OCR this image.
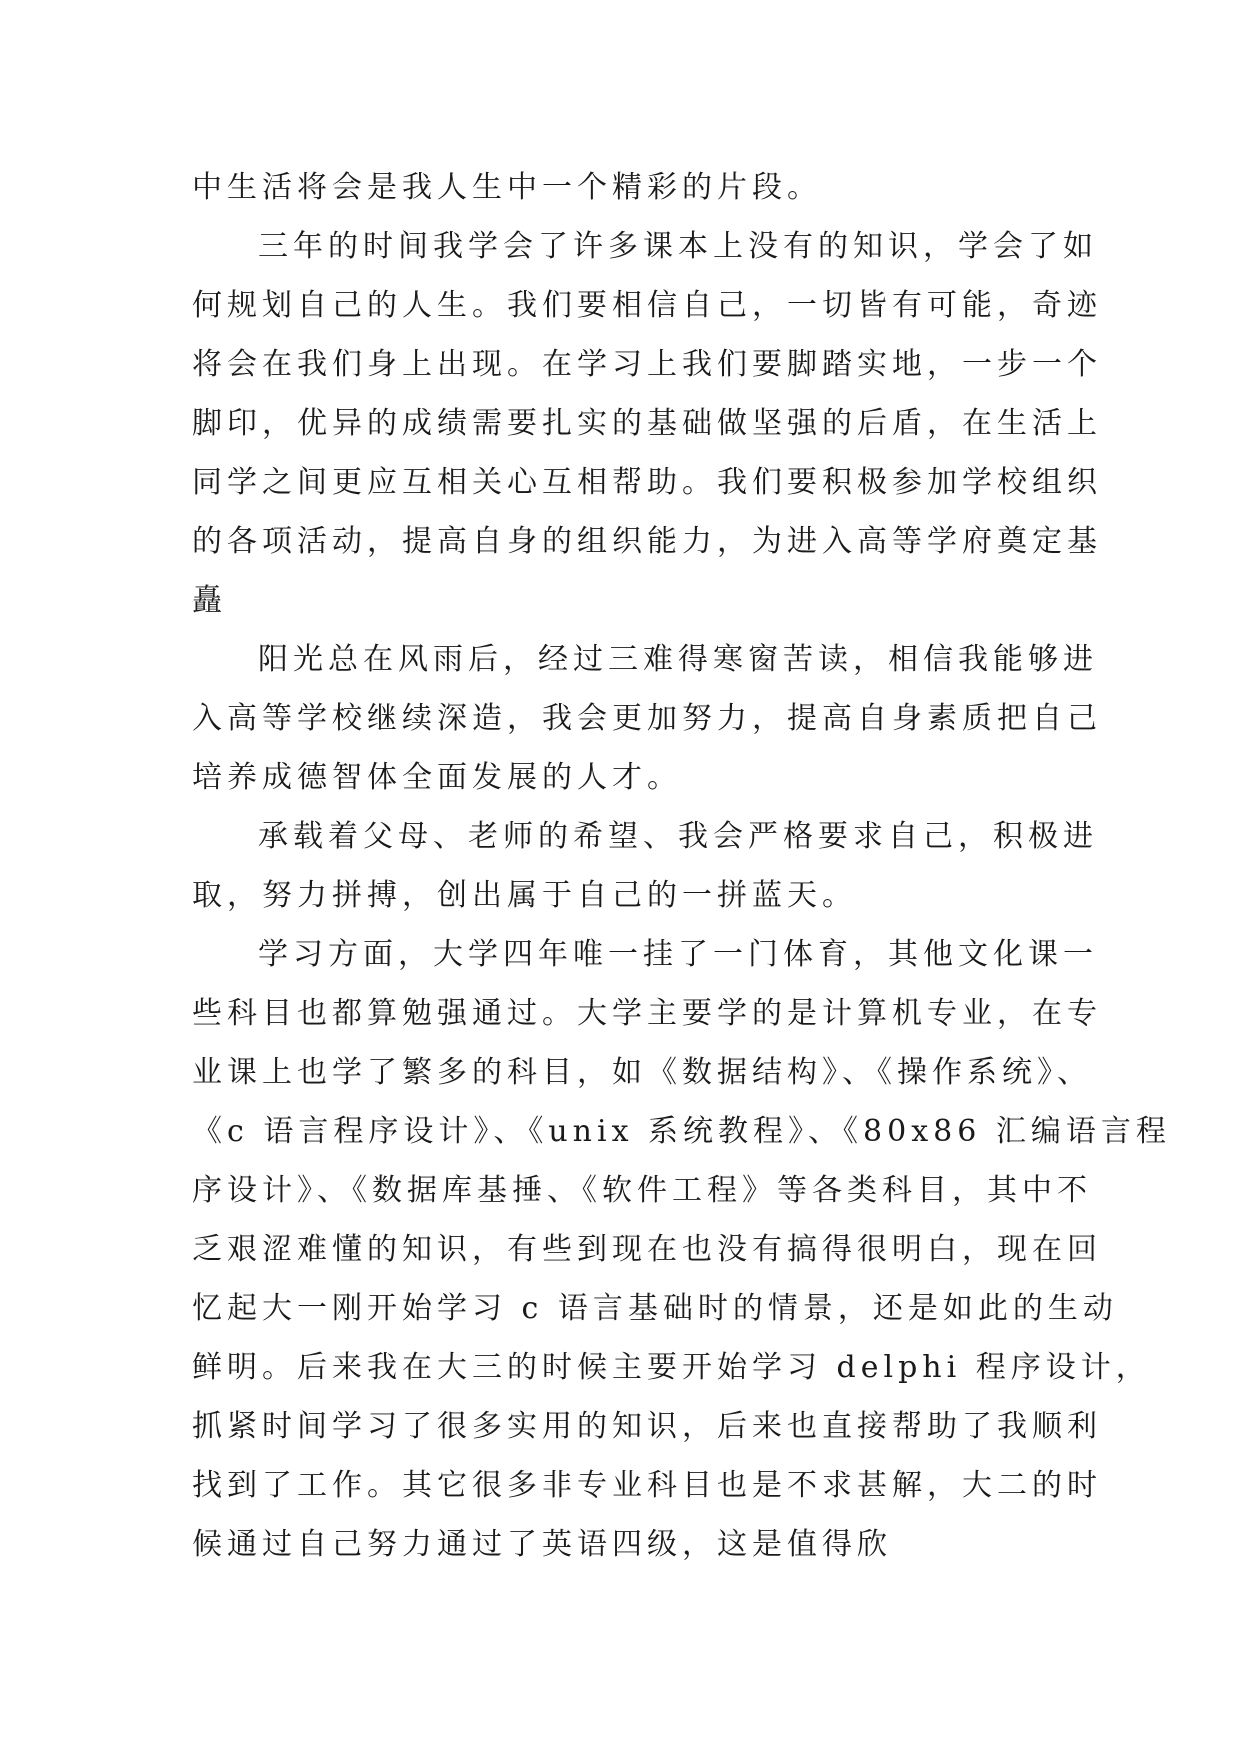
中生活将会是我人生中一个精彩的片段。
三年的时间我学会了许多课本上没有的知识，学会了如
何规划自己的人生。我们要相信自己，一切皆有可能，奇迹
将会在我们身上出现。在学习上我们要脚踏实地，一步一个
脚印，优异的成绩需要扎实的基础做坚强的后盾，在生活上
同学之间更应互相关心互相帮助。我们要积极参加学校组织
的各项活动，提高自身的组织能力，为进入高等学府奠定基
矗
阳光总在风雨后，经过三难得寒窗苦读，相信我能够进
入高等学校继续深造，我会更加努力，提高自身素质把自己
培养成德智体全面发展的人才。
承载着父母、老师的希望、我会严格要求自己，积极进
取，努力拼搏，创出属于自己的一拼蓝天。
学习方面，大学四年唯一挂了一门体育，其他文化课一
些科目也都算勉强通过。大学主要学的是计算机专业，在专
业课上也学了繁多的科目，如《数据结构》、《操作系统》、
《c 语言程序设计》、《unix 系统教程》、《80x86 汇编语言程
序设计》、《数据库基捶、《软件工程》等各类科目，其中不
乏艰涩难懂的知识，有些到现在也没有搞得很明白，现在回
忆起大一刚开始学习 c 语言基础时的情景，还是如此的生动
鲜明。后来我在大三的时候主要开始学习 delphi 程序设计，
抓紧时间学习了很多实用的知识，后来也直接帮助了我顺利
找到了工作。其它很多非专业科目也是不求甚解，大二的时
候通过自己努力通过了英语四级，这是值得欣
